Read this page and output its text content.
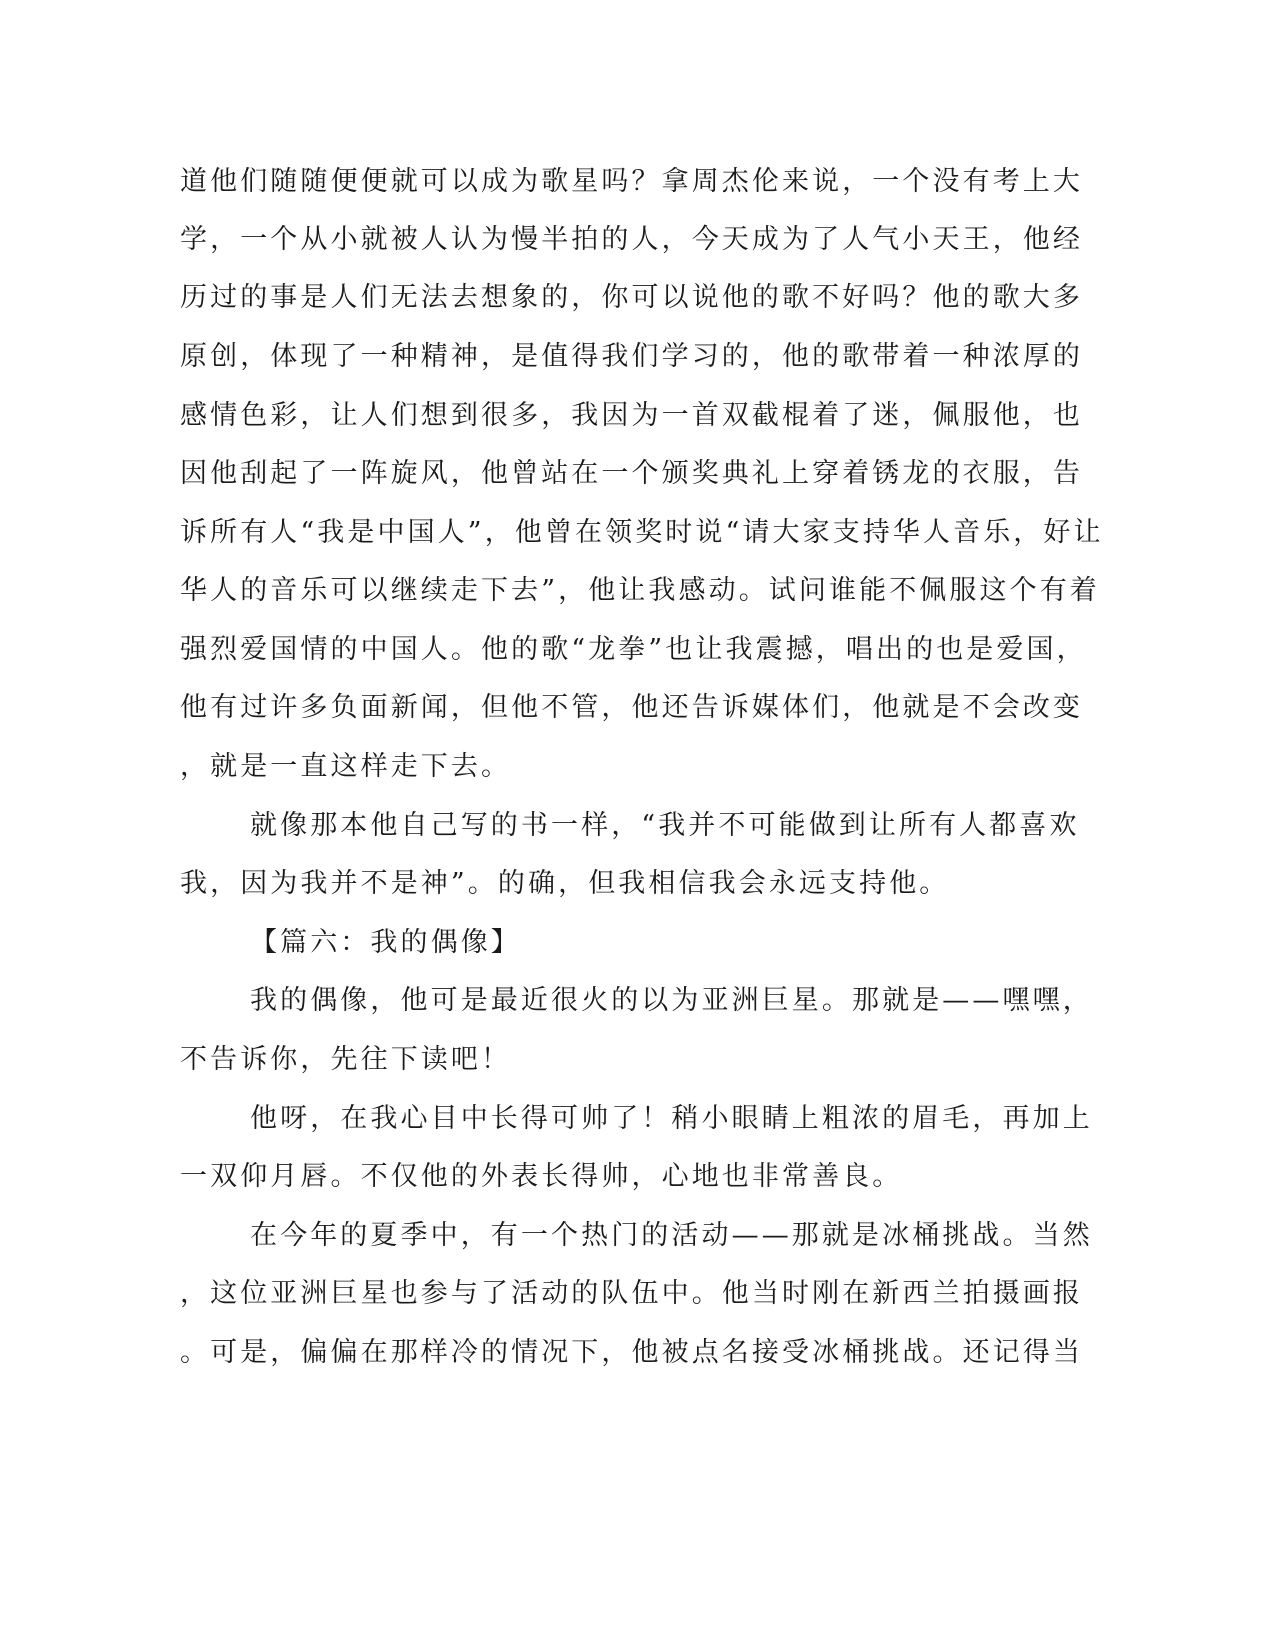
道他们随随便便就可以成为歌星吗？拿周杰伦来说，一个没有考上大
学，一个从小就被人认为慢半拍的人，今天成为了人气小天王，他经
历过的事是人们无法去想象的，你可以说他的歌不好吗？他的歌大多
原创，体现了一种精神，是值得我们学习的，他的歌带着一种浓厚的
感情色彩，让人们想到很多，我因为一首双截棍着了迷，佩服他，也
因他刮起了一阵旋风，他曾站在一个颁奖典礼上穿着锈龙的衣服，告
诉所有人“我是中国人”，他曾在领奖时说“请大家支持华人音乐，好让
华人的音乐可以继续走下去”，他让我感动。试问谁能不佩服这个有着
强烈爱国情的中国人。他的歌“龙拳”也让我震撼，唱出的也是爱国，
他有过许多负面新闻，但他不管，他还告诉媒体们，他就是不会改变
，就是一直这样走下去。
就像那本他自己写的书一样，“我并不可能做到让所有人都喜欢
我，因为我并不是神”。的确，但我相信我会永远支持他。
【篇六：我的偶像】
我的偶像，他可是最近很火的以为亚洲巨星。那就是——嘿嘿，
不告诉你，先往下读吧！
他呀，在我心目中长得可帅了！稍小眼睛上粗浓的眉毛，再加上
一双仰月唇。不仅他的外表长得帅，心地也非常善良。
在今年的夏季中，有一个热门的活动——那就是冰桶挑战。当然
，这位亚洲巨星也参与了活动的队伍中。他当时刚在新西兰拍摄画报
。可是，偏偏在那样冷的情况下，他被点名接受冰桶挑战。还记得当
